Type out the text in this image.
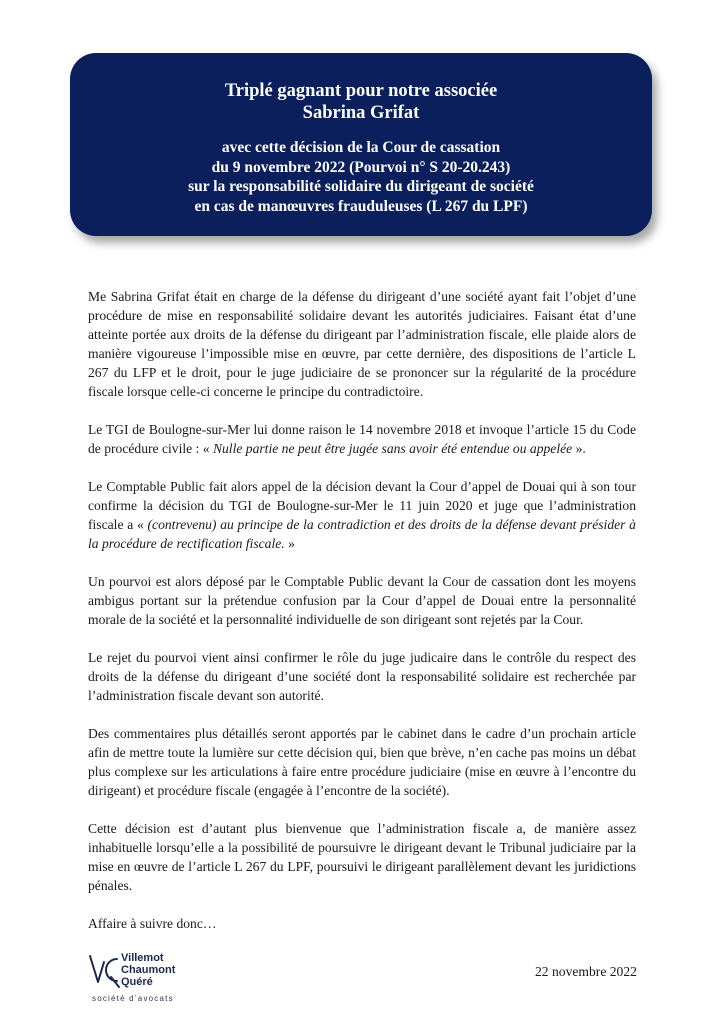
Triplé gagnant pour notre associée
Sabrina Grifat
avec cette décision de la Cour de cassation
du 9 novembre 2022 (Pourvoi n° S 20-20.243)
sur la responsabilité solidaire du dirigeant de société
en cas de manœuvres frauduleuses (L 267 du LPF)

Me Sabrina Grifat était en charge de la défense du dirigeant d’une société ayant fait l’objet d’une procédure de mise en responsabilité solidaire devant les autorités judiciaires. Faisant état d’une atteinte portée aux droits de la défense du dirigeant par l’administration fiscale, elle plaide alors de manière vigoureuse l’impossible mise en œuvre, par cette dernière, des dispositions de l’article L 267 du LFP et le droit, pour le juge judiciaire de se prononcer sur la régularité de la procédure fiscale lorsque celle-ci concerne le principe du contradictoire.

Le TGI de Boulogne-sur-Mer lui donne raison le 14 novembre 2018 et invoque l’article 15 du Code de procédure civile : « Nulle partie ne peut être jugée sans avoir été entendue ou appelée ».

Le Comptable Public fait alors appel de la décision devant la Cour d’appel de Douai qui à son tour confirme la décision du TGI de Boulogne-sur-Mer le 11 juin 2020 et juge que l’administration fiscale a « (contrevenu) au principe de la contradiction et des droits de la défense devant présider à la procédure de rectification fiscale. »

Un pourvoi est alors déposé par le Comptable Public devant la Cour de cassation dont les moyens ambigus portant sur la prétendue confusion par la Cour d’appel de Douai entre la personnalité morale de la société et la personnalité individuelle de son dirigeant sont rejetés par la Cour.

Le rejet du pourvoi vient ainsi confirmer le rôle du juge judicaire dans le contrôle du respect des droits de la défense du dirigeant d’une société dont la responsabilité solidaire est recherchée par l’administration fiscale devant son autorité.

Des commentaires plus détaillés seront apportés par le cabinet dans le cadre d’un prochain article afin de mettre toute la lumière sur cette décision qui, bien que brève, n’en cache pas moins un débat plus complexe sur les articulations à faire entre procédure judiciaire (mise en œuvre à l’encontre du dirigeant) et procédure fiscale (engagée à l’encontre de la société).

Cette décision est d’autant plus bienvenue que l’administration fiscale a, de manière assez inhabituelle lorsqu’elle a la possibilité de poursuivre le dirigeant devant le Tribunal judiciaire par la mise en œuvre de l’article L 267 du LPF, poursuivi le dirigeant parallèlement devant les juridictions pénales.

Affaire à suivre donc…

Villemot
Chaumont
Quéré
société d’avocats
22 novembre 2022
